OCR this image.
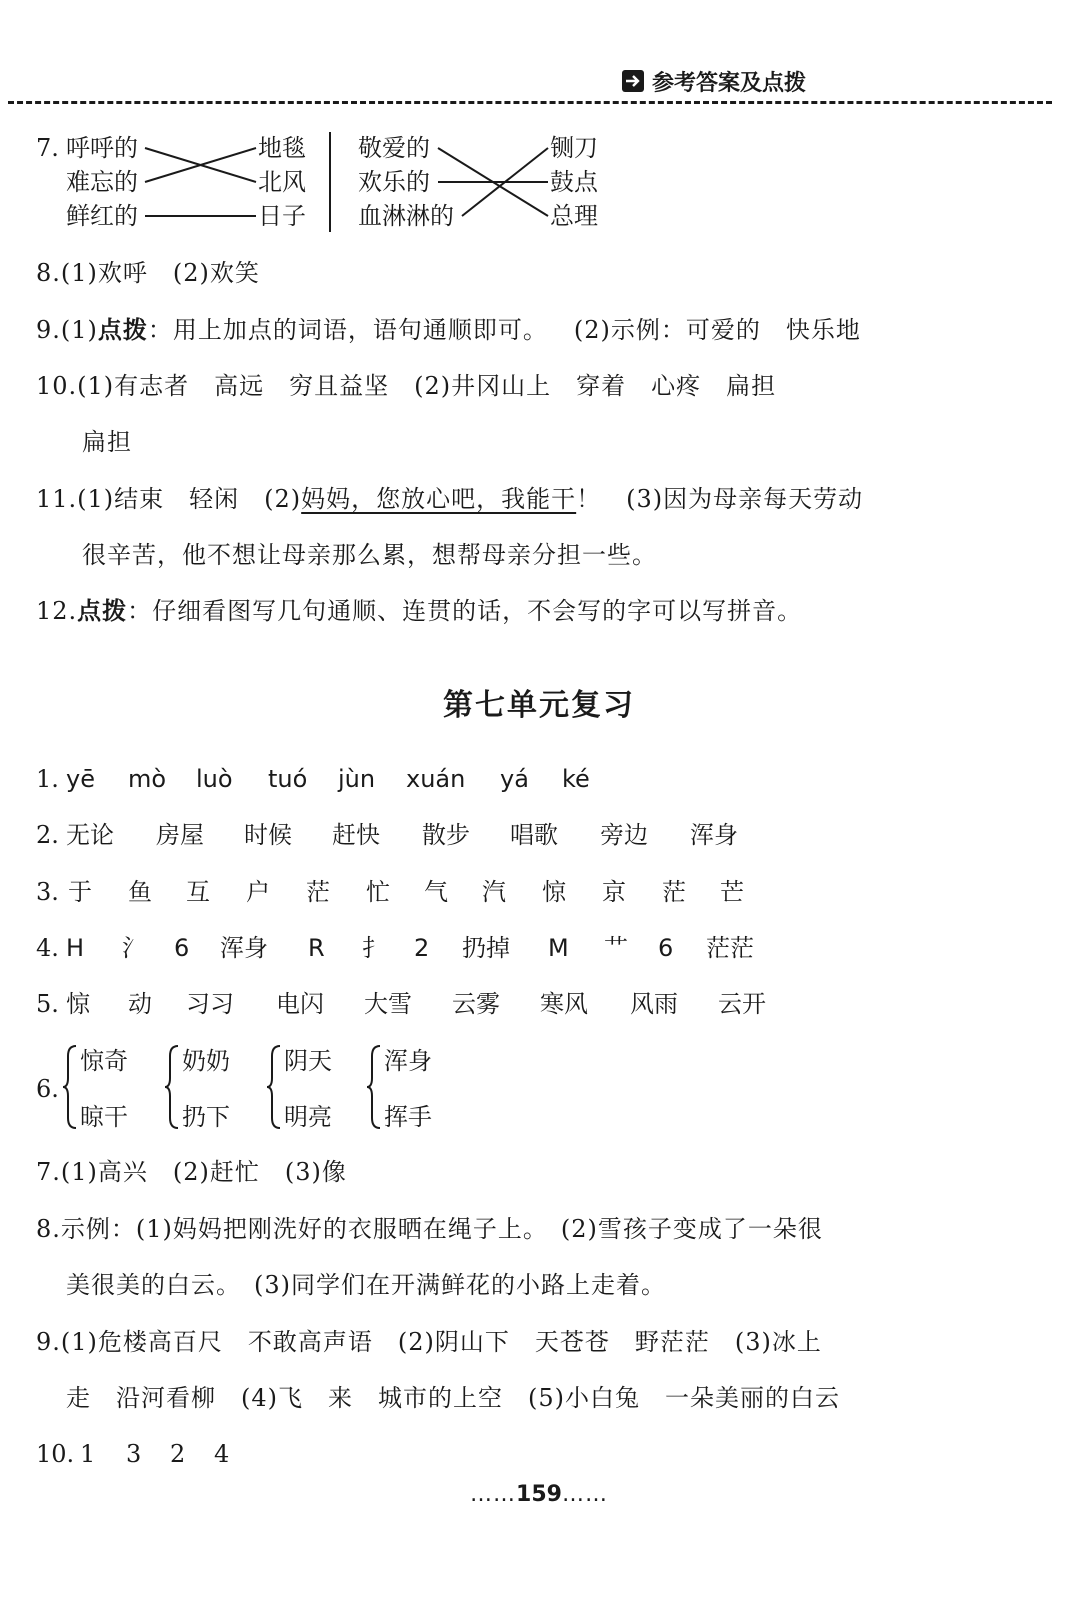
参考答案及点拨
7. 呼呼的
难忘的
鲜红的
地毯
北风
日子
敬爱的
欢乐的
血淋淋的
铡刀
鼓点
总理
8.(1)欢呼　(2)欢笑
9.(1)点拨：用上加点的词语，语句通顺即可。 (2)示例：可爱的　快乐地
10.(1)有志者　高远　穷且益坚　(2)井冈山上　穿着　心疼　扁担
扁担
11.(1)结束　轻闲　(2)妈妈，您放心吧，我能干！　(3)因为母亲每天劳动
很辛苦，他不想让母亲那么累，想帮母亲分担一些。
12.点拨：仔细看图写几句通顺、连贯的话，不会写的字可以写拼音。
第七单元复习
1. yē mò luò tuó jùn xuán yá ké
2. 无论 房屋 时候 赶快 散步 唱歌 旁边 浑身
3. 于 鱼 互 户 茫 忙 气 汽 惊 京 茫 芒
4. H 氵 6 浑身 R 扌 2 扔掉 M 艹 6 茫茫
5. 惊 动 习习 电闪 大雪 云雾 寒风 风雨 云开
6.
惊奇
晾干
奶奶
扔下
阴天
明亮
浑身
挥手
7.(1)高兴　(2)赶忙　(3)像
8.示例：(1)妈妈把刚洗好的衣服晒在绳子上。　(2)雪孩子变成了一朵很
美很美的白云。　(3)同学们在开满鲜花的小路上走着。
9.(1)危楼高百尺　不敢高声语　(2)阴山下　天苍苍　野茫茫　(3)冰上
走　沿河看柳　(4)飞　来　城市的上空　(5)小白兔　一朵美丽的白云
10. 1 3 2 4
……159……
